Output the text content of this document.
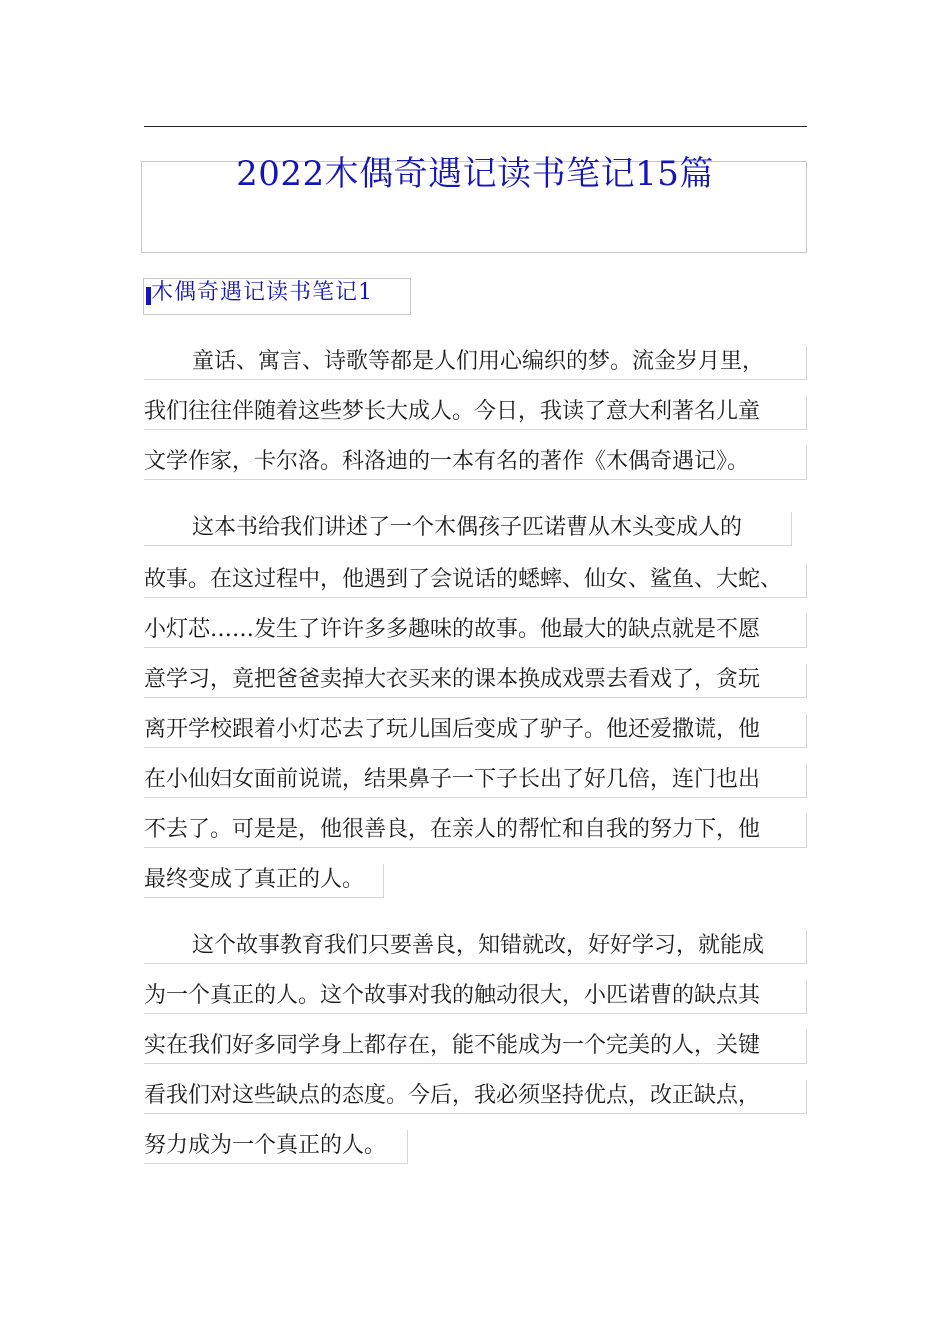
2022木偶奇遇记读书笔记15篇
木偶奇遇记读书笔记1
童话、寓言、诗歌等都是人们用心编织的梦。流金岁月里，
我们往往伴随着这些梦长大成人。今日，我读了意大利著名儿童
文学作家，卡尔洛。科洛迪的一本有名的著作《木偶奇遇记》。
这本书给我们讲述了一个木偶孩子匹诺曹从木头变成人的
故事。在这过程中，他遇到了会说话的蟋蟀、仙女、鲨鱼、大蛇、
小灯芯……发生了许许多多趣味的故事。他最大的缺点就是不愿
意学习，竟把爸爸卖掉大衣买来的课本换成戏票去看戏了，贪玩
离开学校跟着小灯芯去了玩儿国后变成了驴子。他还爱撒谎，他
在小仙妇女面前说谎，结果鼻子一下子长出了好几倍，连门也出
不去了。可是是，他很善良，在亲人的帮忙和自我的努力下，他
最终变成了真正的人。
这个故事教育我们只要善良，知错就改，好好学习，就能成
为一个真正的人。这个故事对我的触动很大，小匹诺曹的缺点其
实在我们好多同学身上都存在，能不能成为一个完美的人，关键
看我们对这些缺点的态度。今后，我必须坚持优点，改正缺点，
努力成为一个真正的人。
